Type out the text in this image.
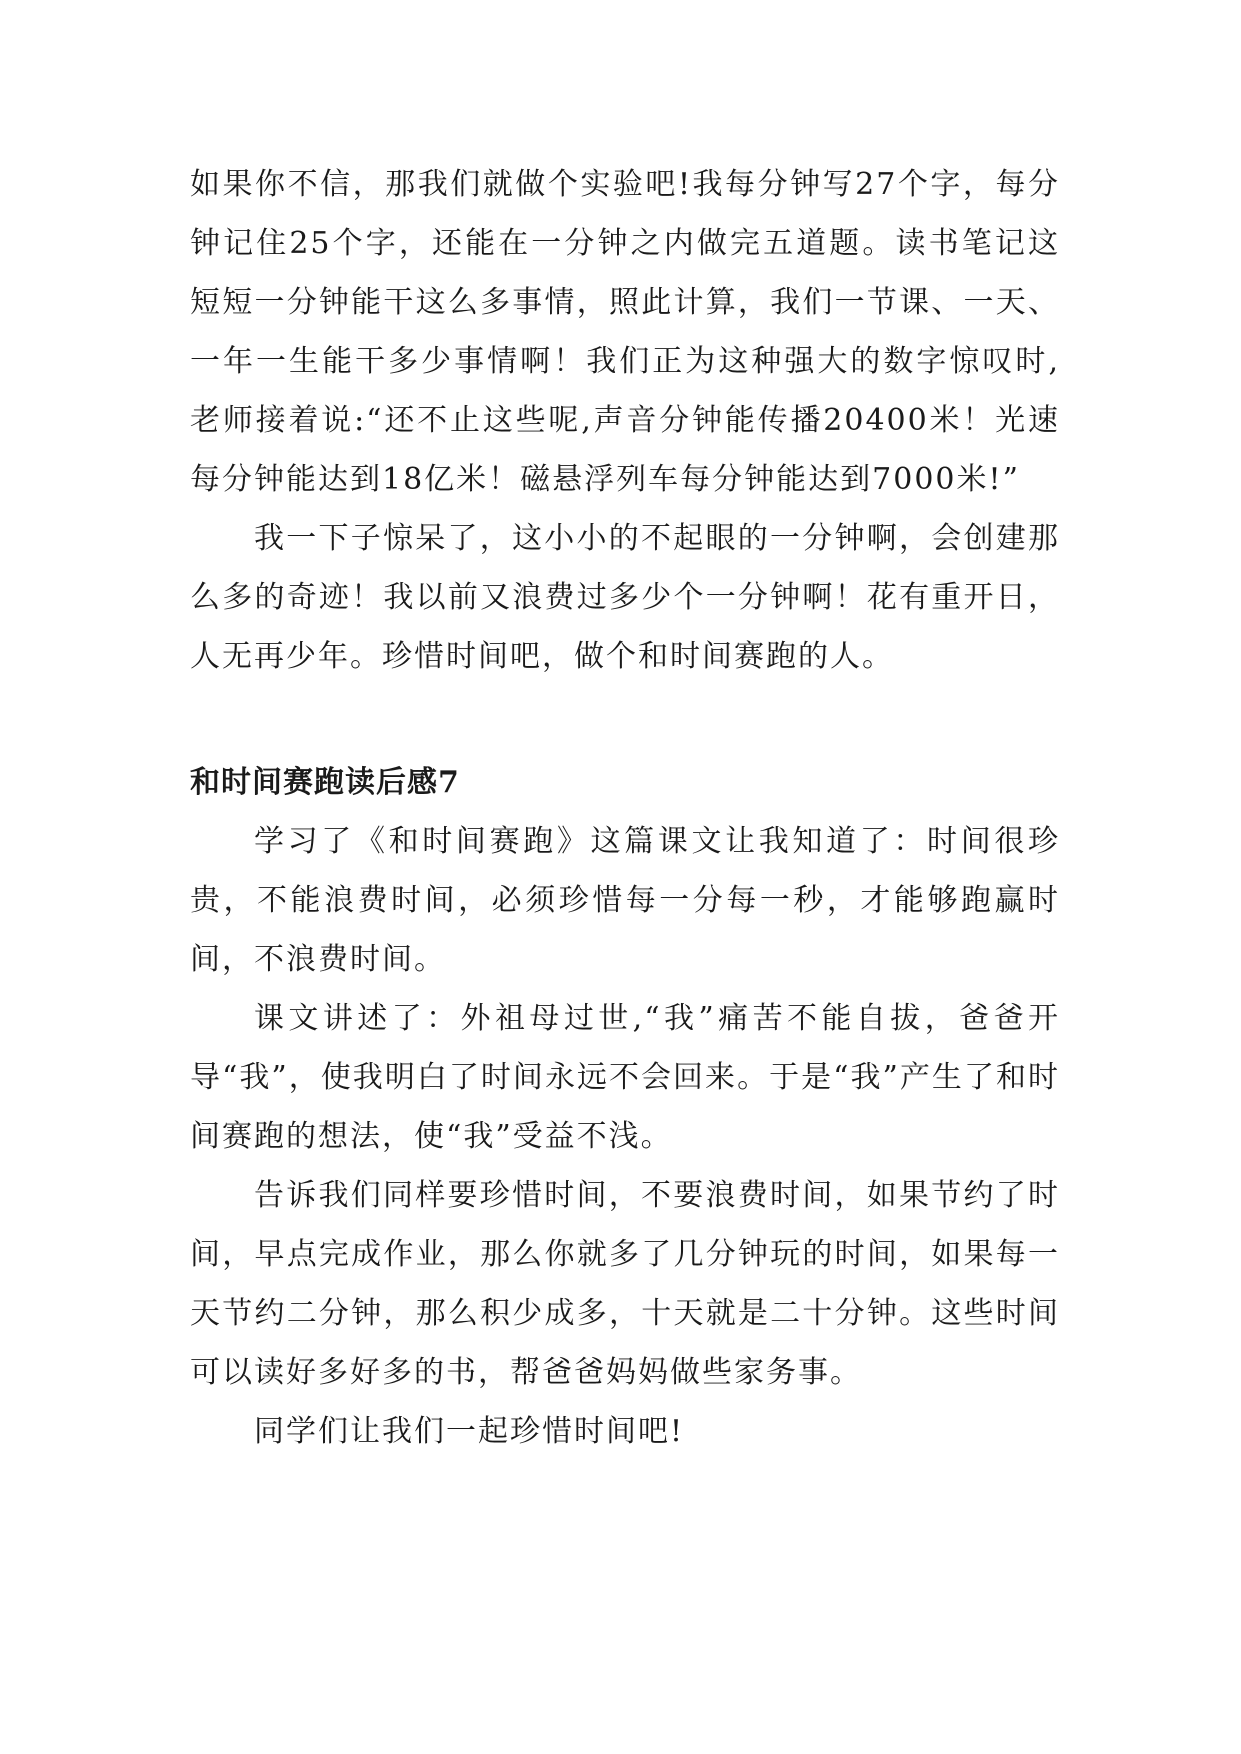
如果你不信，那我们就做个实验吧!我每分钟写27个字，每分钟记住25个字，还能在一分钟之内做完五道题。读书笔记这短短一分钟能干这么多事情，照此计算，我们一节课、一天、一年一生能干多少事情啊！我们正为这种强大的数字惊叹时,老师接着说:“还不止这些呢,声音分钟能传播20400米！光速每分钟能达到18亿米！磁悬浮列车每分钟能达到7000米!”

我一下子惊呆了，这小小的不起眼的一分钟啊，会创建那么多的奇迹！我以前又浪费过多少个一分钟啊！花有重开日，人无再少年。珍惜时间吧，做个和时间赛跑的人。

和时间赛跑读后感7

学习了《和时间赛跑》这篇课文让我知道了：时间很珍贵，不能浪费时间，必须珍惜每一分每一秒，才能够跑赢时间，不浪费时间。

课文讲述了：外祖母过世,“我”痛苦不能自拔，爸爸开导“我”，使我明白了时间永远不会回来。于是“我”产生了和时间赛跑的想法，使“我”受益不浅。

告诉我们同样要珍惜时间，不要浪费时间，如果节约了时间，早点完成作业，那么你就多了几分钟玩的时间，如果每一天节约二分钟，那么积少成多，十天就是二十分钟。这些时间可以读好多好多的书，帮爸爸妈妈做些家务事。

同学们让我们一起珍惜时间吧!
